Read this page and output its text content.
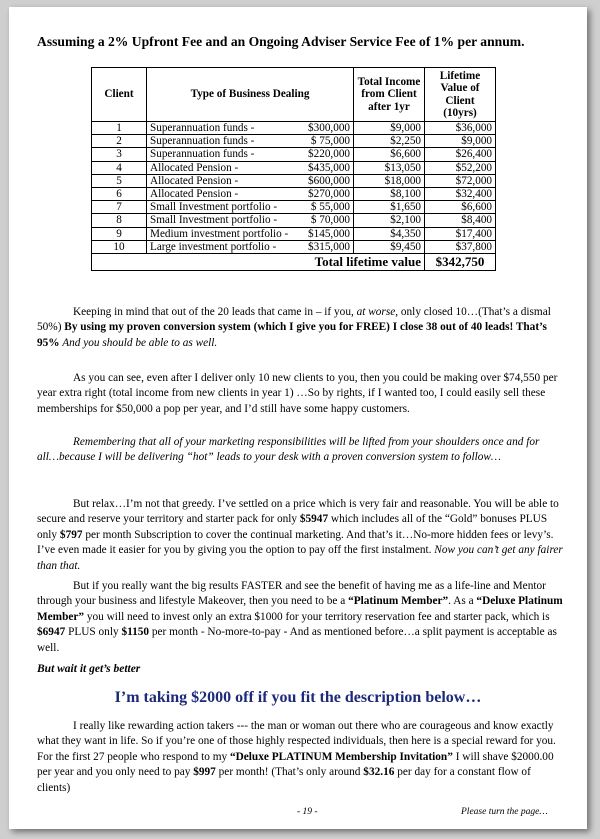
Assuming a 2% Upfront Fee and an Ongoing Adviser Service Fee of 1% per annum.
Client	Type of Business Dealing		Total Income from Client after 1yr	Lifetime Value of Client (10yrs)
1	Superannuation funds -	$300,000	$9,000	$36,000
2	Superannuation funds -	$ 75,000	$2,250	$9,000
3	Superannuation funds -	$220,000	$6,600	$26,400
4	Allocated Pension -	$435,000	$13,050	$52,200
5	Allocated Pension -	$600,000	$18,000	$72,000
6	Allocated Pension -	$270,000	$8,100	$32,400
7	Small Investment portfolio -	$ 55,000	$1,650	$6,600
8	Small Investment portfolio -	$ 70,000	$2,100	$8,400
9	Medium investment portfolio -	$145,000	$4,350	$17,400
10	Large investment portfolio -	$315,000	$9,450	$37,800
Total lifetime value				$342,750
Keeping in mind that out of the 20 leads that came in – if you, at worse, only closed 10…(That’s a dismal 50%) By using my proven conversion system (which I give you for FREE) I close 38 out of 40 leads! That’s 95% And you should be able to as well.
As you can see, even after I deliver only 10 new clients to you, then you could be making over $74,550 per year extra right (total income from new clients in year 1) …So by rights, if I wanted too, I could easily sell these memberships for $50,000 a pop per year, and I’d still have some happy customers.
Remembering that all of your marketing responsibilities will be lifted from your shoulders once and for all…because I will be delivering “hot” leads to your desk with a proven conversion system to follow…
But relax…I’m not that greedy. I’ve settled on a price which is very fair and reasonable. You will be able to secure and reserve your territory and starter pack for only $5947 which includes all of the “Gold” bonuses PLUS only $797 per month Subscription to cover the continual marketing. And that’s it…No-more hidden fees or levy’s. I’ve even made it easier for you by giving you the option to pay off the first instalment. Now you can’t get any fairer than that.
But if you really want the big results FASTER and see the benefit of having me as a life-line and Mentor through your business and lifestyle Makeover, then you need to be a “Platinum Member”. As a “Deluxe Platinum Member” you will need to invest only an extra $1000 for your territory reservation fee and starter pack, which is $6947 PLUS only $1150 per month - No-more-to-pay - And as mentioned before…a split payment is acceptable as well.
But wait it get’s better
I’m taking $2000 off if you fit the description below…
I really like rewarding action takers --- the man or woman out there who are courageous and know exactly what they want in life. So if you’re one of those highly respected individuals, then here is a special reward for you. For the first 27 people who respond to my “Deluxe PLATINUM Membership Invitation” I will shave $2000.00 per year and you only need to pay $997 per month! (That’s only around $32.16 per day for a constant flow of clients)
- 19 -	Please turn the page…
